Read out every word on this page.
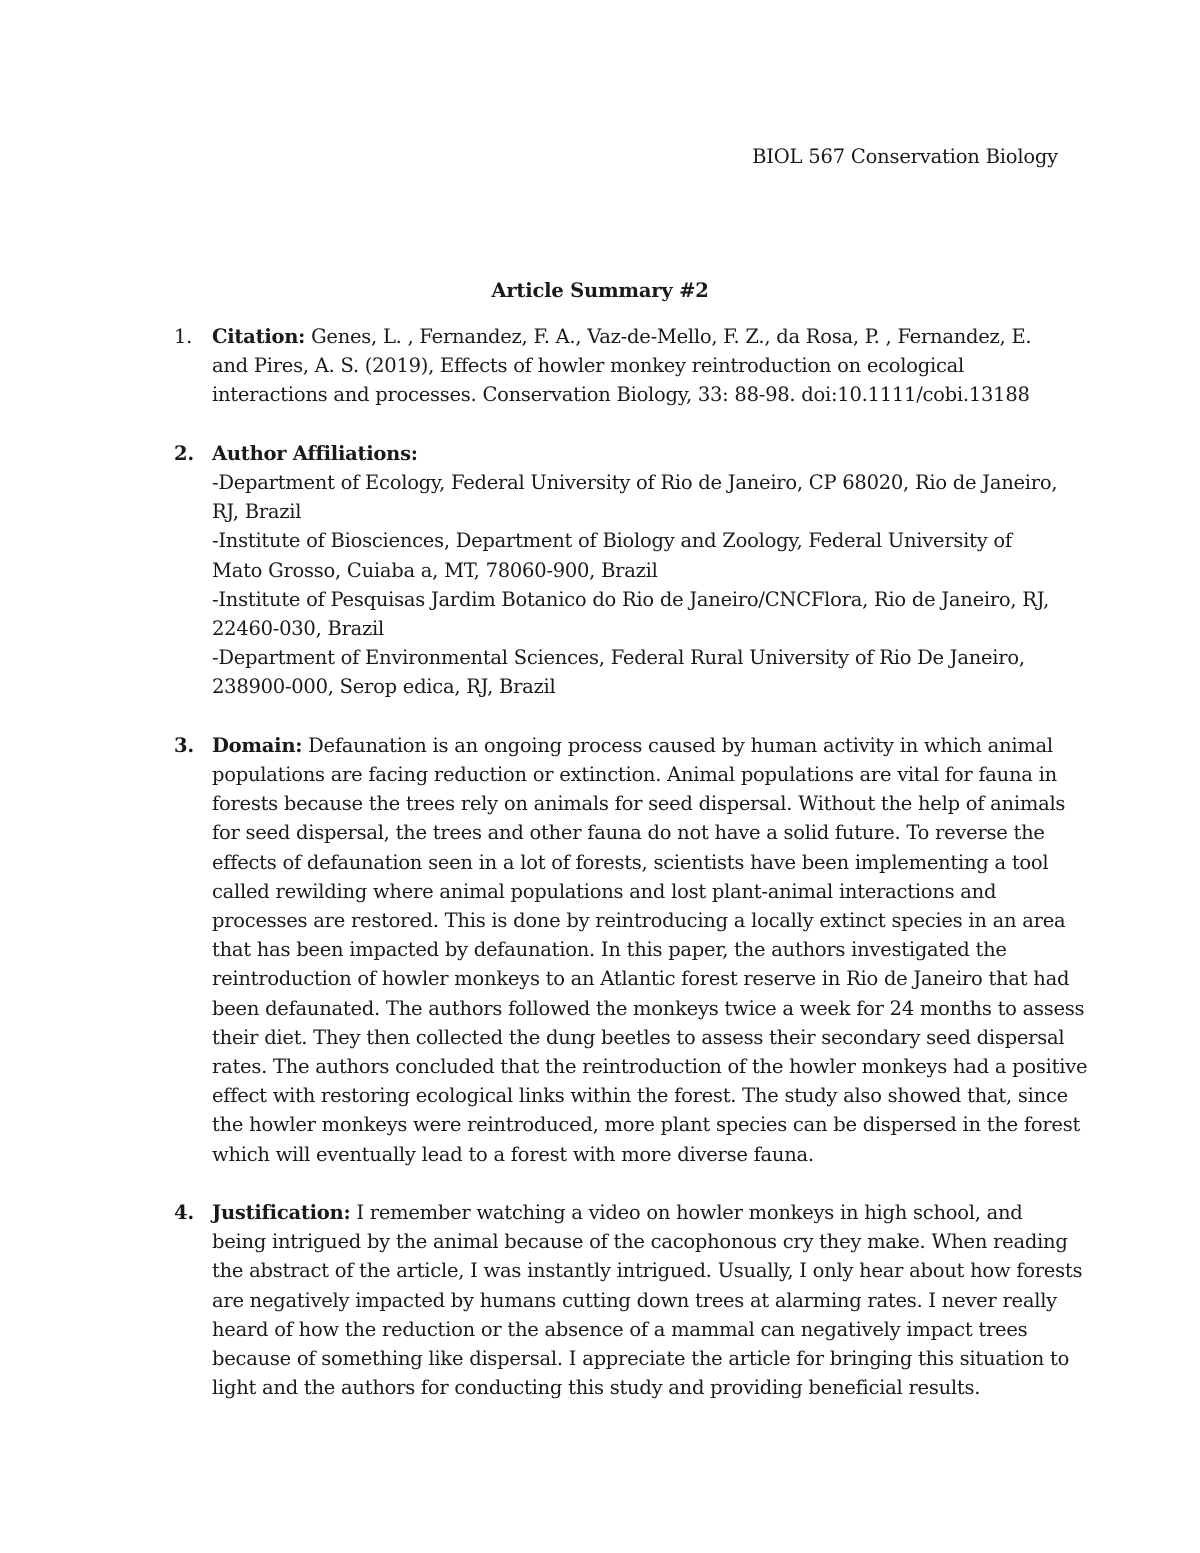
BIOL 567 Conservation Biology
Article Summary #2
1. Citation: Genes, L. , Fernandez, F. A., Vaz-de-Mello, F. Z., da Rosa, P. , Fernandez, E.
and Pires, A. S. (2019), Effects of howler monkey reintroduction on ecological
interactions and processes. Conservation Biology, 33: 88-98. doi:10.1111/cobi.13188
2. Author Affiliations:
-Department of Ecology, Federal University of Rio de Janeiro, CP 68020, Rio de Janeiro,
RJ, Brazil
-Institute of Biosciences, Department of Biology and Zoology, Federal University of
Mato Grosso, Cuiaba a, MT, 78060-900, Brazil
-Institute of Pesquisas Jardim Botanico do Rio de Janeiro/CNCFlora, Rio de Janeiro, RJ,
22460-030, Brazil
-Department of Environmental Sciences, Federal Rural University of Rio De Janeiro,
238900-000, Serop edica, RJ, Brazil
3. Domain: Defaunation is an ongoing process caused by human activity in which animal
populations are facing reduction or extinction. Animal populations are vital for fauna in
forests because the trees rely on animals for seed dispersal. Without the help of animals
for seed dispersal, the trees and other fauna do not have a solid future. To reverse the
effects of defaunation seen in a lot of forests, scientists have been implementing a tool
called rewilding where animal populations and lost plant-animal interactions and
processes are restored. This is done by reintroducing a locally extinct species in an area
that has been impacted by defaunation. In this paper, the authors investigated the
reintroduction of howler monkeys to an Atlantic forest reserve in Rio de Janeiro that had
been defaunated. The authors followed the monkeys twice a week for 24 months to assess
their diet. They then collected the dung beetles to assess their secondary seed dispersal
rates. The authors concluded that the reintroduction of the howler monkeys had a positive
effect with restoring ecological links within the forest. The study also showed that, since
the howler monkeys were reintroduced, more plant species can be dispersed in the forest
which will eventually lead to a forest with more diverse fauna.
4. Justification: I remember watching a video on howler monkeys in high school, and
being intrigued by the animal because of the cacophonous cry they make. When reading
the abstract of the article, I was instantly intrigued. Usually, I only hear about how forests
are negatively impacted by humans cutting down trees at alarming rates. I never really
heard of how the reduction or the absence of a mammal can negatively impact trees
because of something like dispersal. I appreciate the article for bringing this situation to
light and the authors for conducting this study and providing beneficial results.
